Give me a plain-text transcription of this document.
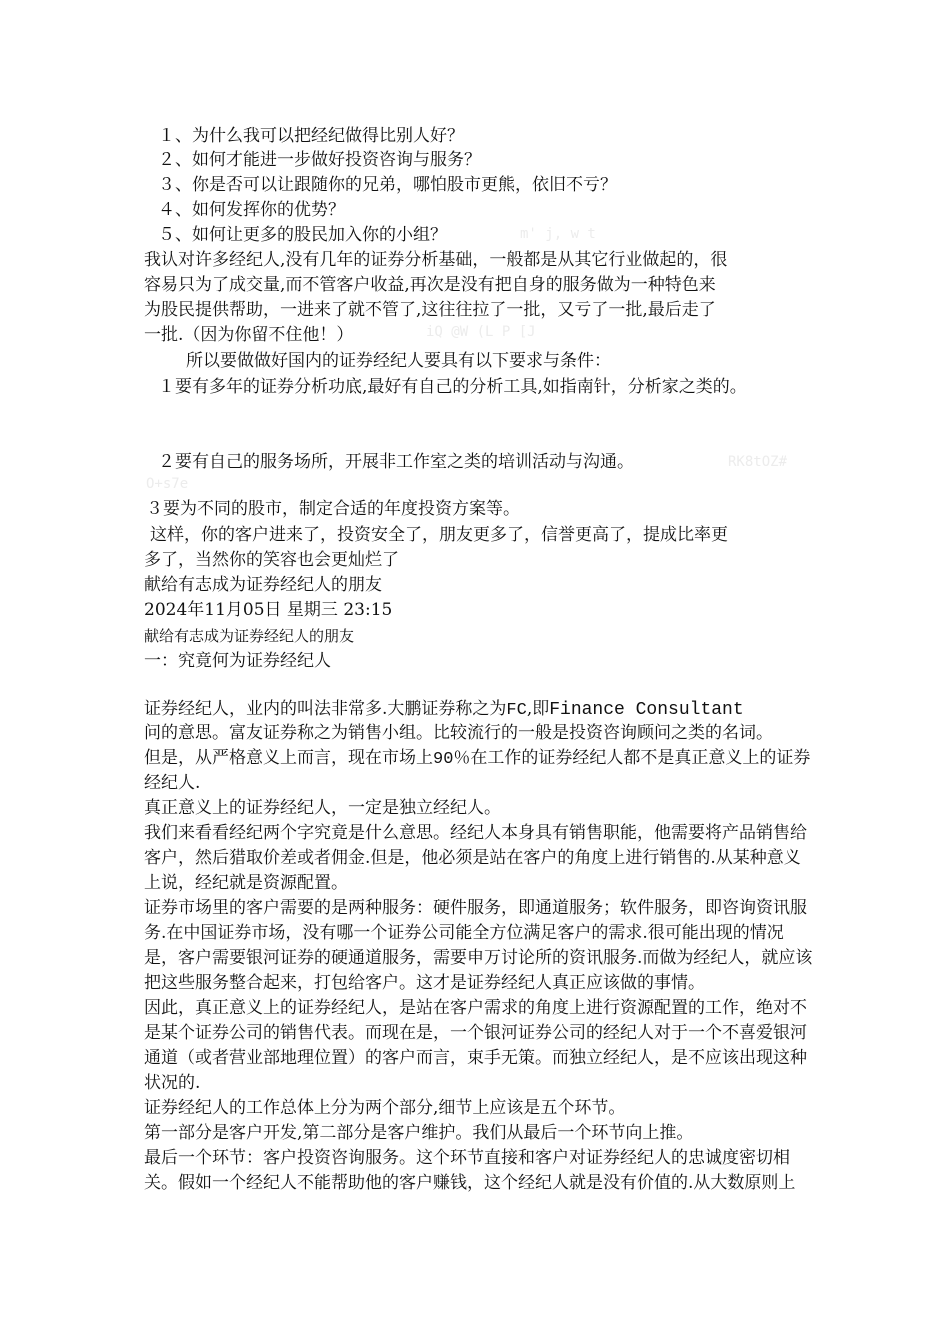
１、为什么我可以把经纪做得比别人好？

２、如何才能进一步做好投资咨询与服务？

３、你是否可以让跟随你的兄弟，哪怕股市更熊，依旧不亏？

４、如何发挥你的优势？

５、如何让更多的股民加入你的小组？	m' j, w t

iQ @W (L P [J

RK8tOZ#

O+s7e

我认对许多经纪人,没有几年的证券分析基础，一般都是从其它行业做起的，很

容易只为了成交量,而不管客户收益,再次是没有把自身的服务做为一种特色来

为股民提供帮助，一进来了就不管了,这往往拉了一批，又亏了一批,最后走了

一批.（因为你留不住他！）

所以要做做好国内的证券经纪人要具有以下要求与条件：

１要有多年的证券分析功底,最好有自己的分析工具,如指南针，分析家之类的。

２要有自己的服务场所，开展非工作室之类的培训活动与沟通。

３要为不同的股市，制定合适的年度投资方案等。

这样，你的客户进来了，投资安全了，朋友更多了，信誉更高了，提成比率更

多了，当然你的笑容也会更灿烂了

献给有志成为证券经纪人的朋友

2024年11月05日 星期三 23:15

献给有志成为证券经纪人的朋友

一：究竟何为证券经纪人

证券经纪人，业内的叫法非常多.大鹏证券称之为FC,即Finance Consultant

问的意思。富友证券称之为销售小组。比较流行的一般是投资咨询顾问之类的名词。

但是，从严格意义上而言，现在市场上90％在工作的证券经纪人都不是真正意义上的证券

经纪人.

真正意义上的证券经纪人，一定是独立经纪人。

我们来看看经纪两个字究竟是什么意思。经纪人本身具有销售职能，他需要将产品销售给

客户，然后猎取价差或者佣金.但是，他必须是站在客户的角度上进行销售的.从某种意义

上说，经纪就是资源配置。

证券市场里的客户需要的是两种服务：硬件服务，即通道服务；软件服务，即咨询资讯服

务.在中国证券市场，没有哪一个证券公司能全方位满足客户的需求.很可能出现的情况

是，客户需要银河证券的硬通道服务，需要申万讨论所的资讯服务.而做为经纪人，就应该

把这些服务整合起来，打包给客户。这才是证券经纪人真正应该做的事情。

因此，真正意义上的证券经纪人，是站在客户需求的角度上进行资源配置的工作，绝对不

是某个证券公司的销售代表。而现在是，一个银河证券公司的经纪人对于一个不喜爱银河

通道（或者营业部地理位置）的客户而言，束手无策。而独立经纪人，是不应该出现这种

状况的.

证券经纪人的工作总体上分为两个部分,细节上应该是五个环节。

第一部分是客户开发,第二部分是客户维护。我们从最后一个环节向上推。

最后一个环节：客户投资咨询服务。这个环节直接和客户对证券经纪人的忠诚度密切相

关。假如一个经纪人不能帮助他的客户赚钱，这个经纪人就是没有价值的.从大数原则上
